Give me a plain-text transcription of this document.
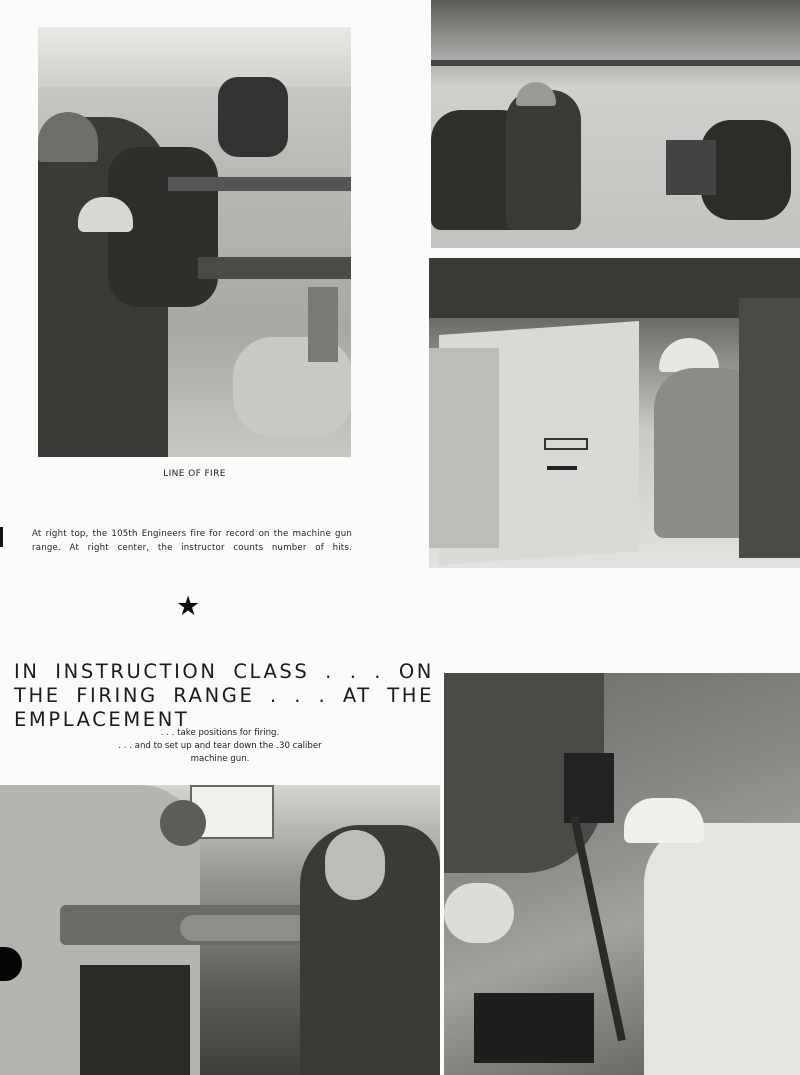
LINE OF FIRE
At right top, the 105th Engineers fire for record on the machine gun range. At right center, the instructor counts number of hits.
★
IN INSTRUCTION CLASS . . . ON THE FIRING RANGE . . . AT THE EMPLACEMENT
. . . take positions for firing.
. . . and to set up and tear down the .30 caliber machine gun.
